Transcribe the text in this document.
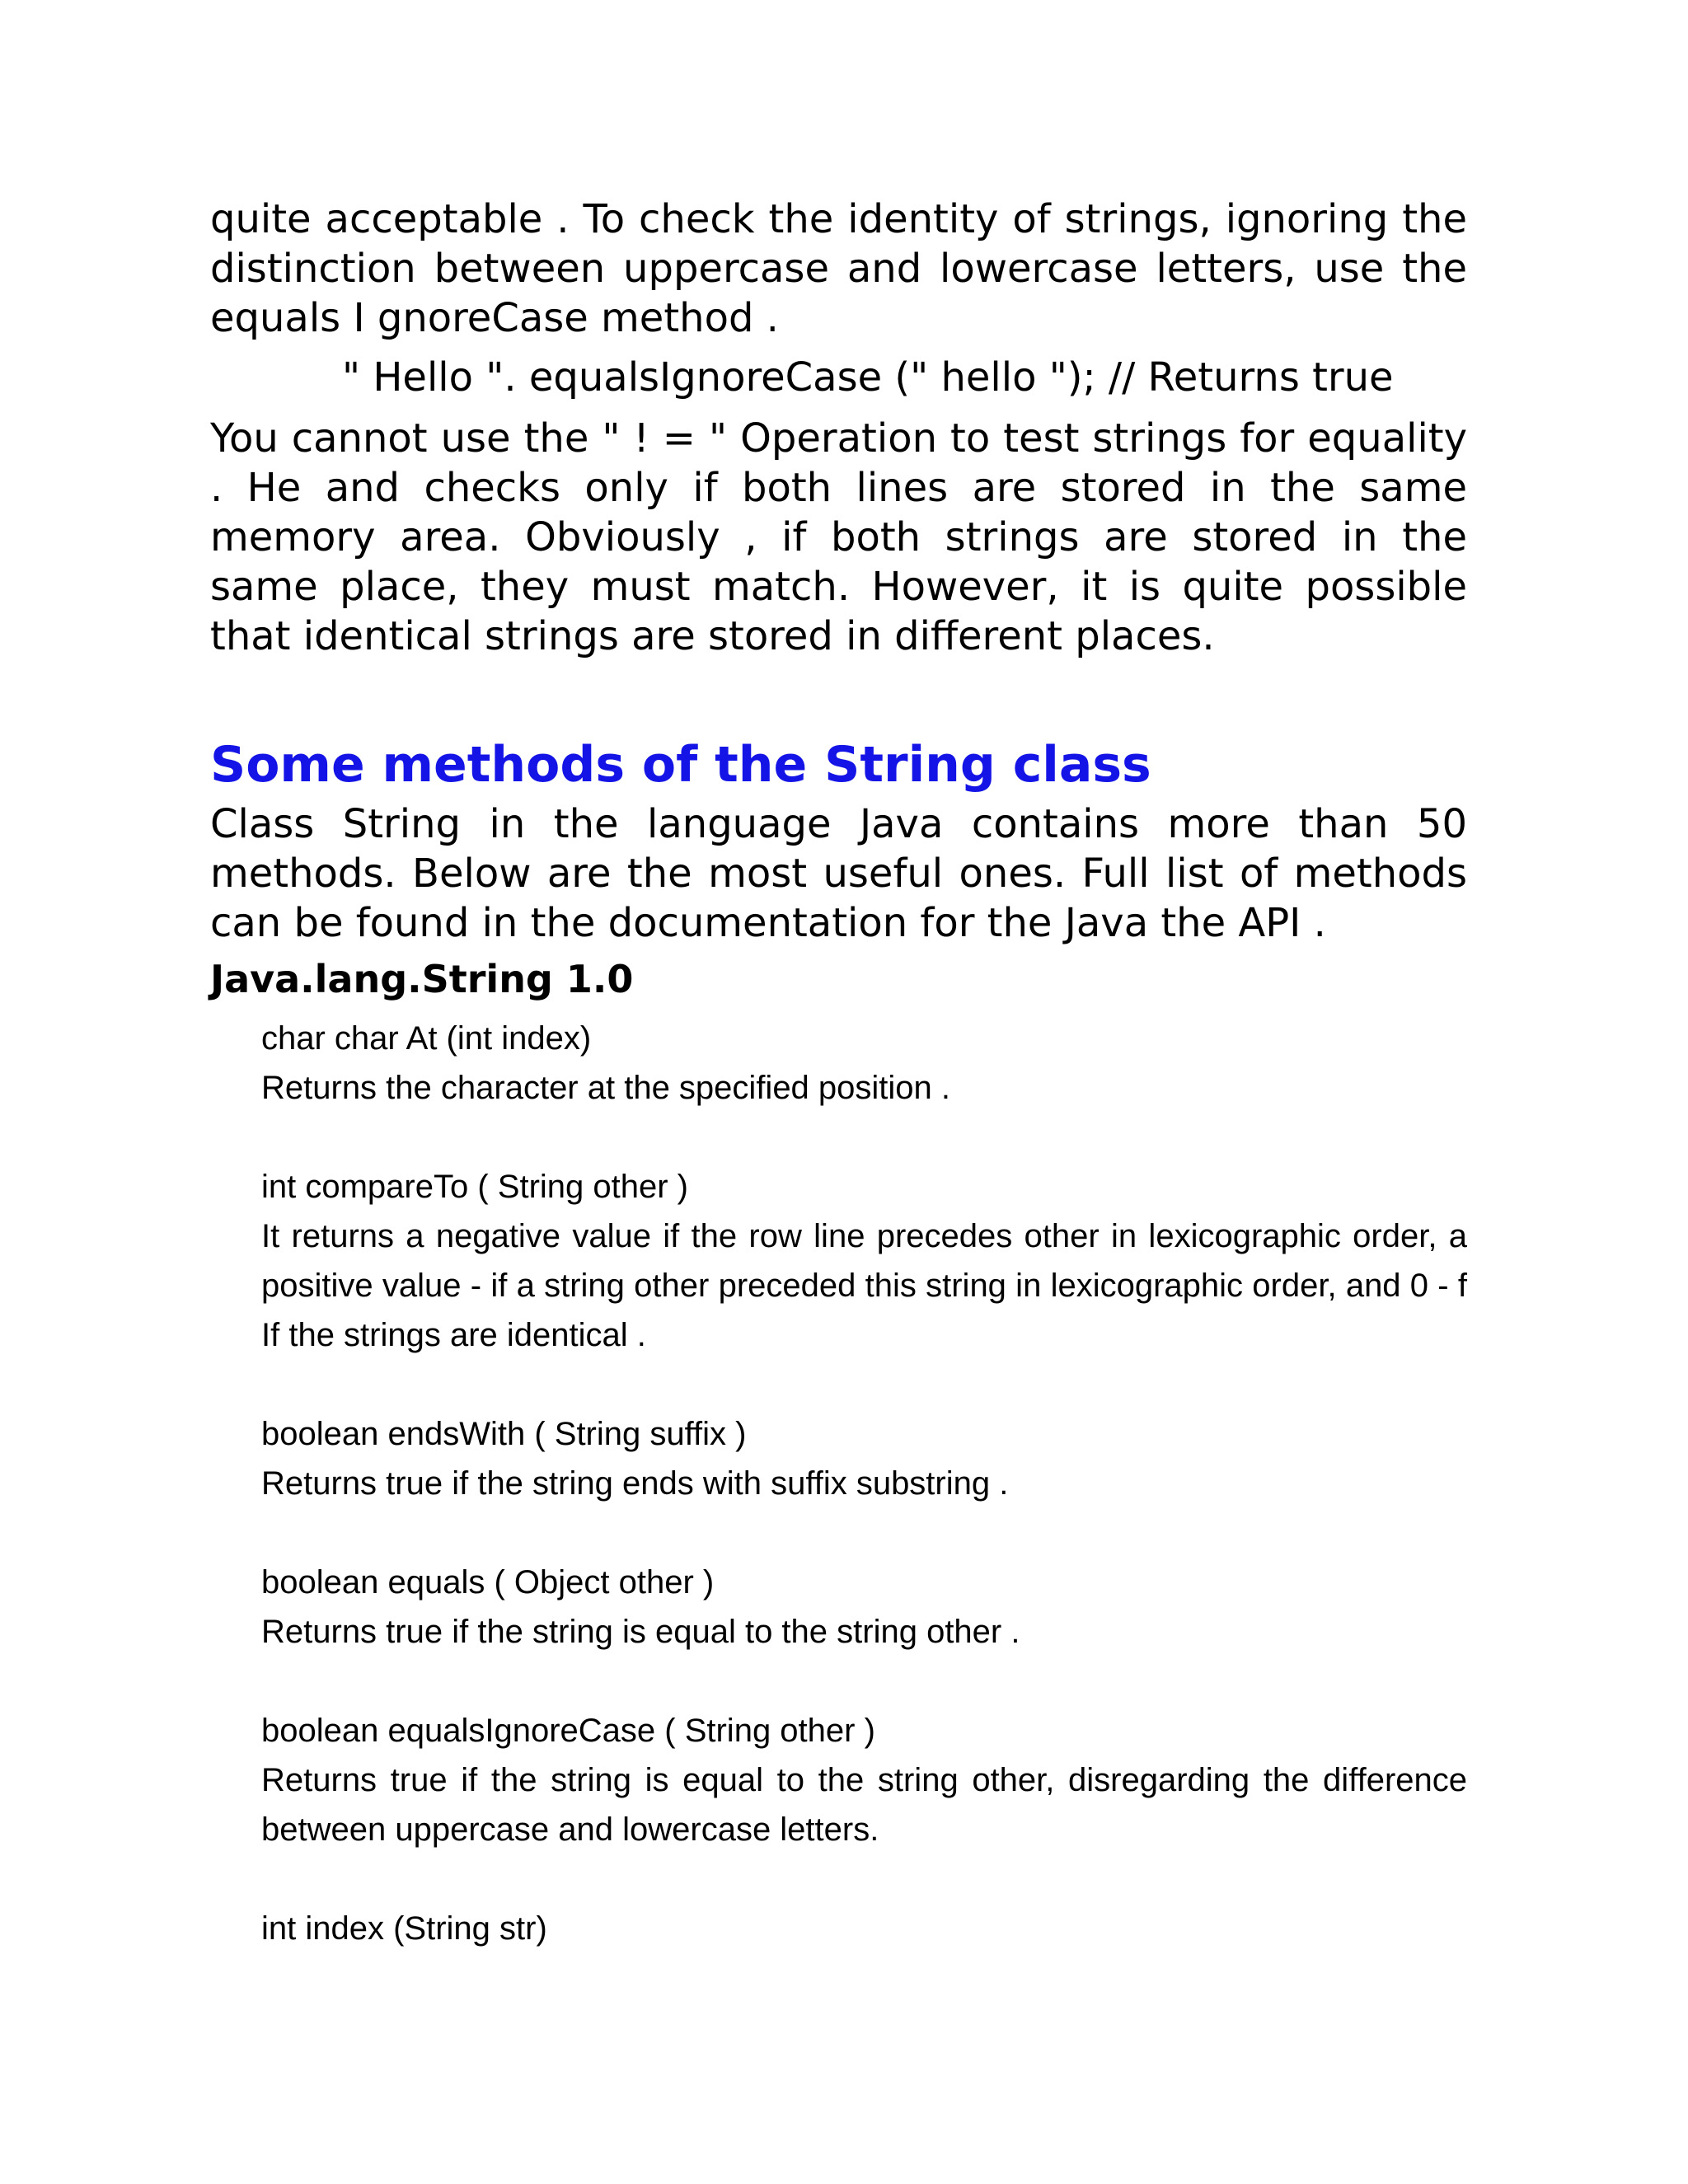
quite acceptable . To check the identity of strings, ignoring the distinction between uppercase and lowercase letters, use the equals I gnoreCase method .

" Hello ". equalsIgnoreCase (" hello "); // Returns true

You cannot use the " ! = " Operation to test strings for equality . He and checks only if both lines are stored in the same memory area. Obviously , if both strings are stored in the same place, they must match. However, it is quite possible that identical strings are stored in different places.

Some methods of the String class

Class String in the language Java contains more than 50 methods. Below are the most useful ones. Full list of methods can be found in the documentation for the Java the API .

Java.lang.String 1.0

char char At (int index)

Returns the character at the specified position .

int compareTo ( String other )

It returns a negative value if the row line precedes other in lexicographic order, a positive value - if a string other preceded this string in lexicographic order, and 0 - f If the strings are identical .

boolean endsWith ( String suffix )

Returns true if the string ends with suffix substring .

boolean equals ( Object other )

Returns true if the string is equal to the string other .

boolean equalsIgnoreCase ( String other )

Returns true if the string is equal to the string other, disregarding the difference between uppercase and lowercase letters.

int index (String str)
